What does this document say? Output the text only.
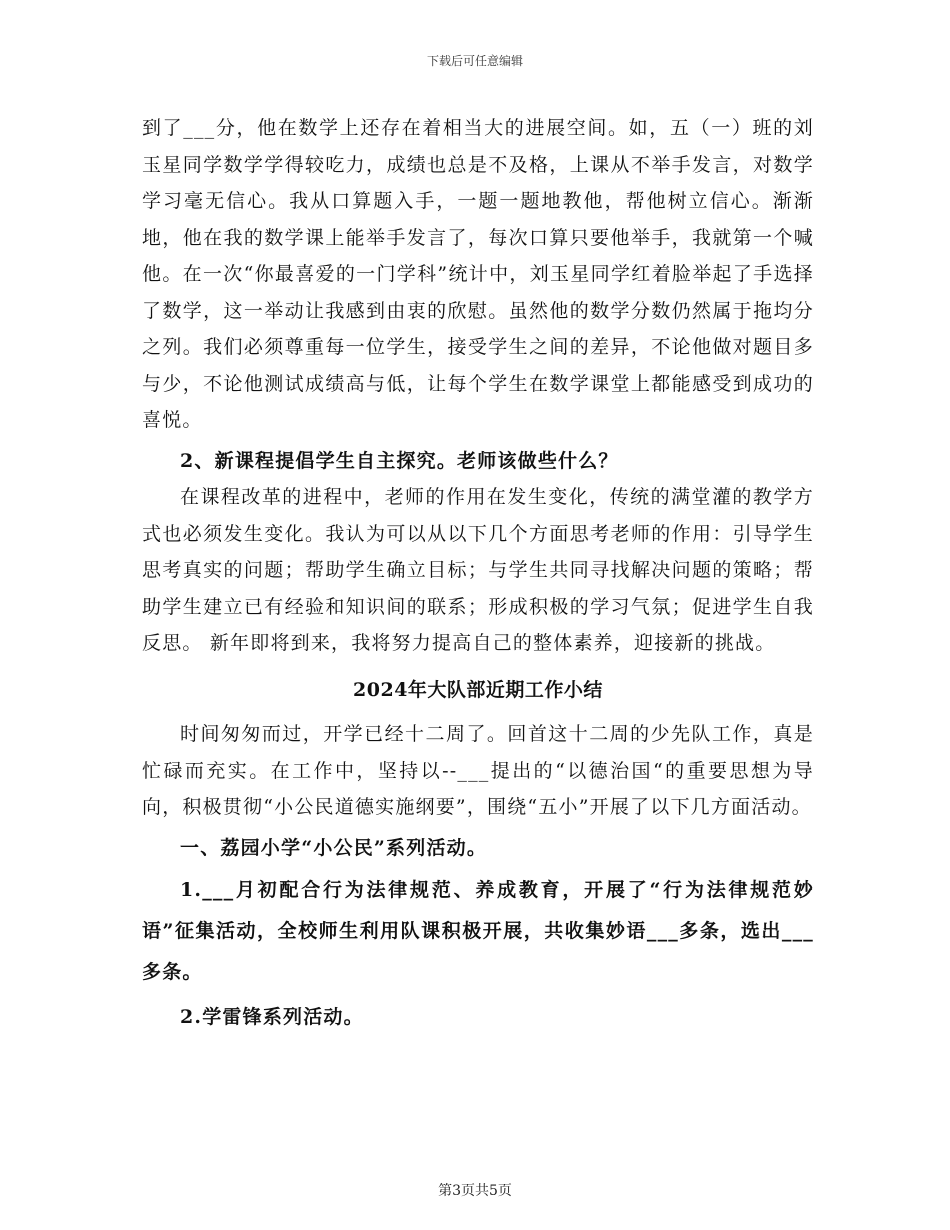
下载后可任意编辑

到了___分，他在数学上还存在着相当大的进展空间。如，五（一）班的刘玉星同学数学学得较吃力，成绩也总是不及格，上课从不举手发言，对数学学习毫无信心。我从口算题入手，一题一题地教他，帮他树立信心。渐渐地，他在我的数学课上能举手发言了，每次口算只要他举手，我就第一个喊他。在一次“你最喜爱的一门学科”统计中，刘玉星同学红着脸举起了手选择了数学，这一举动让我感到由衷的欣慰。虽然他的数学分数仍然属于拖均分之列。我们必须尊重每一位学生，接受学生之间的差异，不论他做对题目多与少，不论他测试成绩高与低，让每个学生在数学课堂上都能感受到成功的喜悦。

2、新课程提倡学生自主探究。老师该做些什么？

在课程改革的进程中，老师的作用在发生变化，传统的满堂灌的教学方式也必须发生变化。我认为可以从以下几个方面思考老师的作用：引导学生思考真实的问题；帮助学生确立目标；与学生共同寻找解决问题的策略；帮助学生建立已有经验和知识间的联系；形成积极的学习气氛；促进学生自我反思。 新年即将到来，我将努力提高自己的整体素养，迎接新的挑战。

2024年大队部近期工作小结

时间匆匆而过，开学已经十二周了。回首这十二周的少先队工作，真是忙碌而充实。在工作中，坚持以--___提出的“以德治国“的重要思想为导向，积极贯彻“小公民道德实施纲要”，围绕“五小”开展了以下几方面活动。

一、荔园小学“小公民”系列活动。

1.___月初配合行为法律规范、养成教育，开展了“行为法律规范妙语”征集活动，全校师生利用队课积极开展，共收集妙语___多条，选出___多条。

2.学雷锋系列活动。

第3页共5页
